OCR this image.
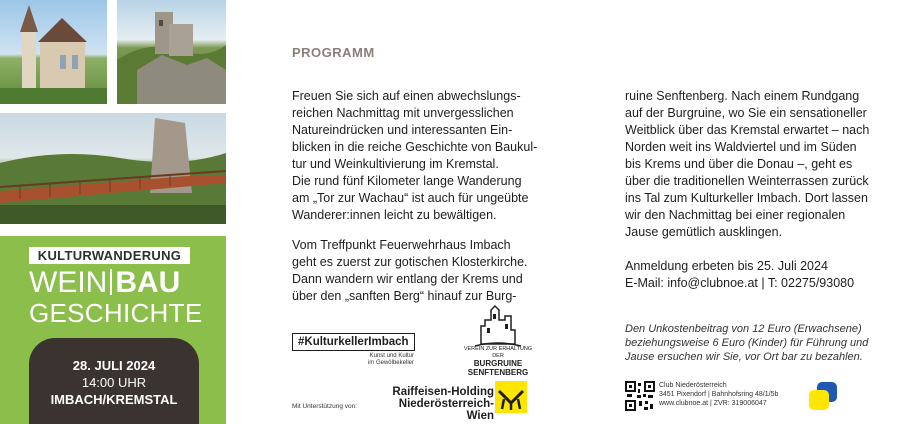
KULTURWANDERUNG
WEIN BAU
GESCHICHTE
28. JULI 2024
14:00 UHR
IMBACH/KREMSTAL
PROGRAMM

Freuen Sie sich auf einen abwechslungs-

reichen Nachmittag mit unvergesslichen

Natureindrücken und interessanten Ein-

blicken in die reiche Geschichte von Baukul-

tur und Weinkultivierung im Kremstal.

Die rund fünf Kilometer lange Wanderung

am „Tor zur Wachau“ ist auch für ungeübte

Wanderer:innen leicht zu bewältigen.

Vom Treffpunkt Feuerwehrhaus Imbach

geht es zuerst zur gotischen Klosterkirche.

Dann wandern wir entlang der Krems und

über den „sanften Berg“ hinauf zur Burg-

ruine Senftenberg. Nach einem Rundgang

auf der Burgruine, wo Sie ein sensationeller

Weitblick über das Kremstal erwartet – nach

Norden weit ins Waldviertel und im Süden

bis Krems und über die Donau –, geht es

über die traditionellen Weinterrassen zurück

ins Tal zum Kulturkeller Imbach. Dort lassen

wir den Nachmittag bei einer regionalen

Jause gemütlich ausklingen.

Anmeldung erbeten bis 25. Juli 2024

E-Mail: info@clubnoe.at | T: 02275/93080

Den Unkostenbeitrag von 12 Euro (Erwachsene)

beziehungsweise 6 Euro (Kinder) für Führung und

Jause ersuchen wir Sie, vor Ort bar zu bezahlen.

#KulturkellerImbach
Kunst und Kultur
im Gewölbekeller
VEREIN ZUR ERHALTUNG DER
BURGRUINE
SENFTENBERG
Mit Unterstützung von:
Raiffeisen-Holding
Niederösterreich-Wien
Club Niederösterreich
3451 Pixendorf | Bahnhofsring 48/1/5b
www.clubnoe.at | ZVR: 319006047
